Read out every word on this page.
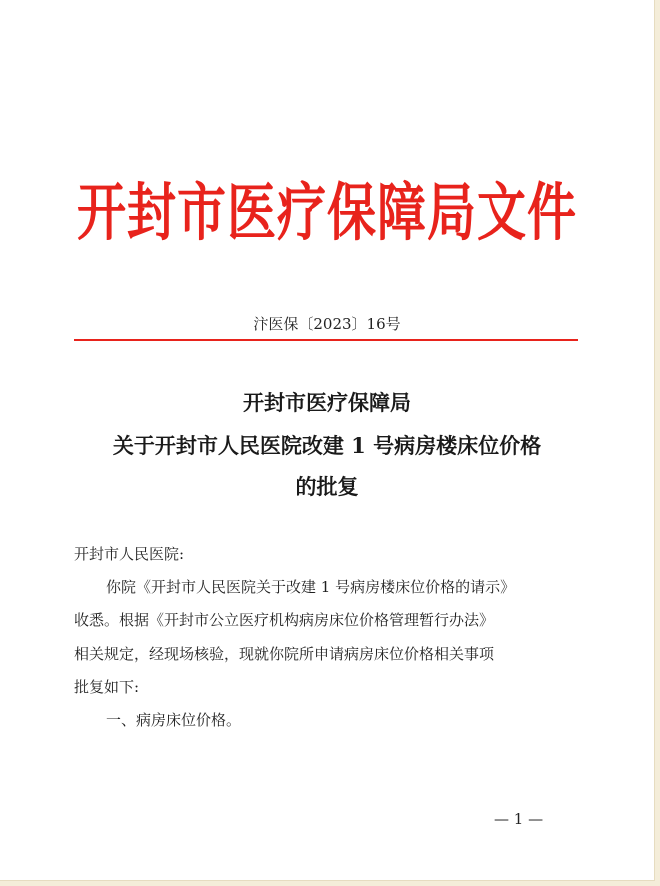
开封市医疗保障局文件
汴医保〔2023〕16号
开封市医疗保障局
关于开封市人民医院改建 1 号病房楼床位价格
的批复
开封市人民医院:
你院《开封市人民医院关于改建 1 号病房楼床位价格的请示》
收悉。根据《开封市公立医疗机构病房床位价格管理暂行办法》
相关规定，经现场核验，现就你院所申请病房床位价格相关事项
批复如下:
一、病房床位价格。
— 1 —
